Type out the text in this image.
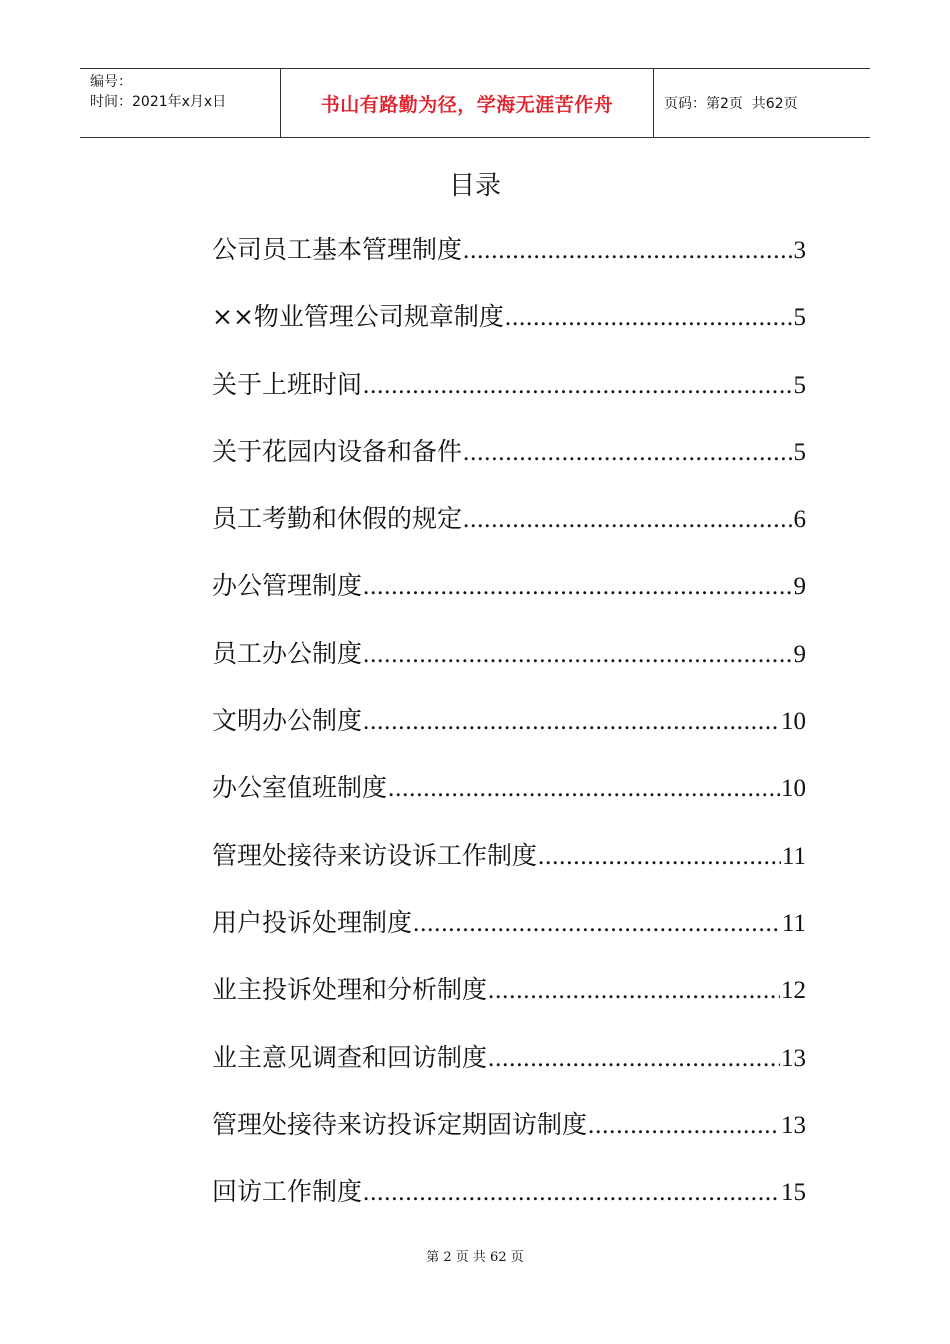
编号：
时间：2021年x月x日	书山有路勤为径，学海无涯苦作舟	页码：第2页  共62页
目录
公司员工基本管理制度 .....	3
××物业管理公司规章制度 .....	5
关于上班时间 .....	5
关于花园内设备和备件 .....	5
员工考勤和休假的规定 .....	6
办公管理制度 .....	9
员工办公制度 .....	9
文明办公制度 .....	10
办公室值班制度 .....	10
管理处接待来访设诉工作制度 .....	11
用户投诉处理制度 .....	11
业主投诉处理和分析制度 .....	12
业主意见调查和回访制度 .....	13
管理处接待来访投诉定期固访制度 .....	13
回访工作制度 .....	15
第 2 页 共 62 页
